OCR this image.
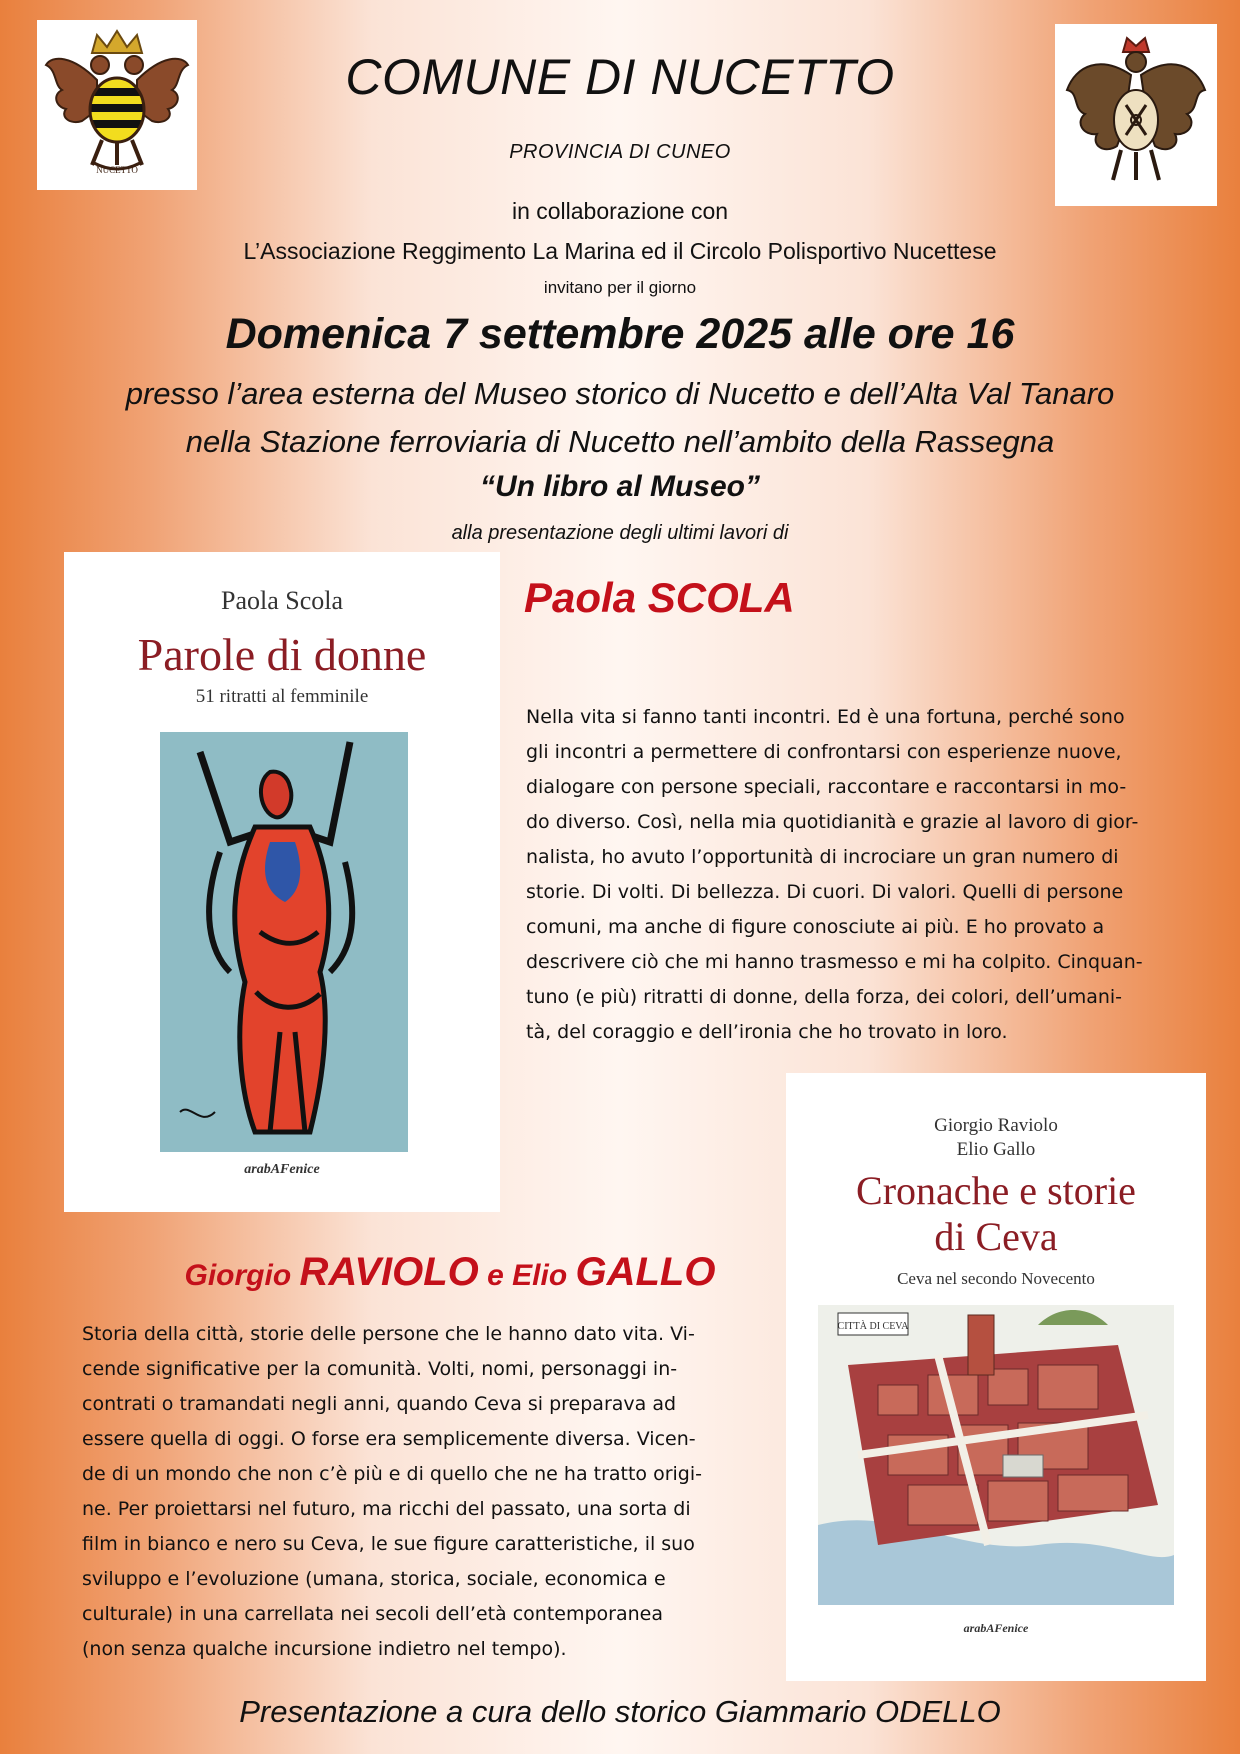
NUCETTO
COMUNE DI NUCETTO
PROVINCIA DI CUNEO
in collaborazione con
L’Associazione Reggimento La Marina ed il Circolo Polisportivo Nucettese
invitano per il giorno
Domenica 7 settembre 2025 alle ore 16
presso l’area esterna del Museo storico di Nucetto e dell’Alta Val Tanaro
nella Stazione ferroviaria di Nucetto nell’ambito della Rassegna
“Un libro al Museo”
alla presentazione degli ultimi lavori di
Paola Scola
Parole di donne
51 ritratti al femminile
arabAFenice
Paola SCOLA
Nella vita si fanno tanti incontri. Ed è una fortuna, perché sono
gli incontri a permettere di confrontarsi con esperienze nuove,
dialogare con persone speciali, raccontare e raccontarsi in mo-
do diverso. Così, nella mia quotidianità e grazie al lavoro di gior-
nalista, ho avuto l’opportunità di incrociare un gran numero di
storie. Di volti. Di bellezza. Di cuori. Di valori. Quelli di persone
comuni, ma anche di figure conosciute ai più. E ho provato a
descrivere ciò che mi hanno trasmesso e mi ha colpito. Cinquan-
tuno (e più) ritratti di donne, della forza, dei colori, dell’umani-
tà, del coraggio e dell’ironia che ho trovato in loro.
Giorgio Raviolo
Elio Gallo
Cronache e storie
di Ceva
Ceva nel secondo Novecento
CITTÀ DI CEVA
arabAFenice
Giorgio RAVIOLO e Elio GALLO
Storia della città, storie delle persone che le hanno dato vita. Vi-
cende significative per la comunità. Volti, nomi, personaggi in-
contrati o tramandati negli anni, quando Ceva si preparava ad
essere quella di oggi. O forse era semplicemente diversa. Vicen-
de di un mondo che non c’è più e di quello che ne ha tratto origi-
ne. Per proiettarsi nel futuro, ma ricchi del passato, una sorta di
film in bianco e nero su Ceva, le sue figure caratteristiche, il suo
sviluppo e l’evoluzione (umana, storica, sociale, economica e
culturale) in una carrellata nei secoli dell’età contemporanea
(non senza qualche incursione indietro nel tempo).
Presentazione a cura dello storico Giammario ODELLO
